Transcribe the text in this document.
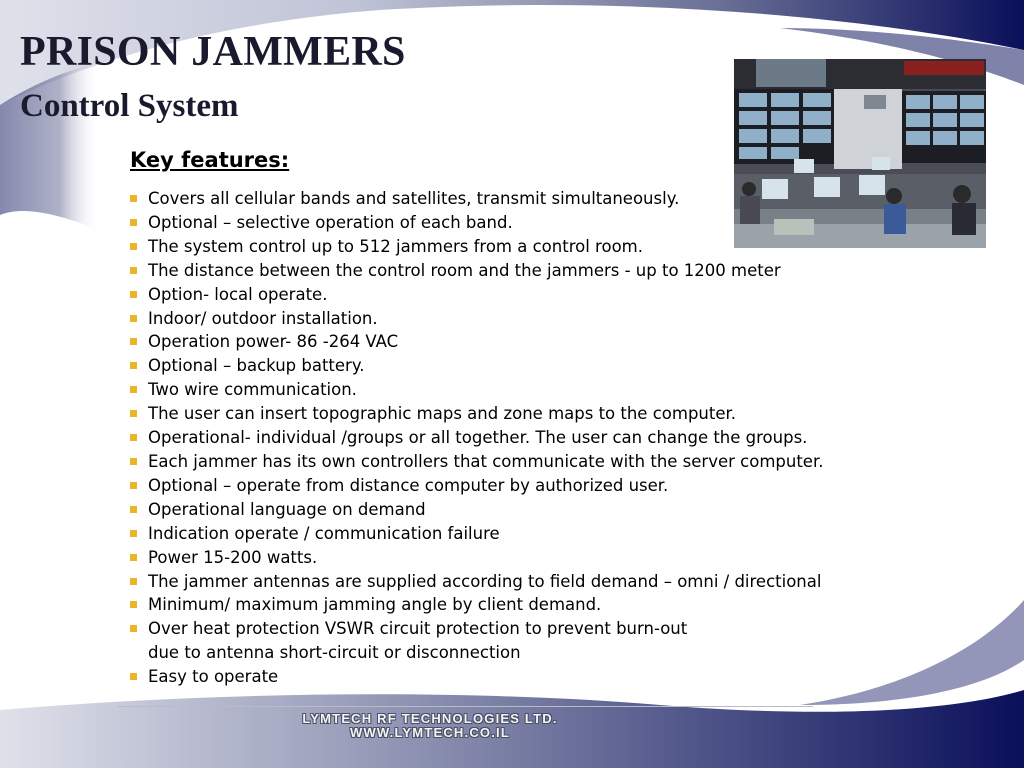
PRISON JAMMERS
Control System
Key features:
Covers all cellular bands and satellites, transmit simultaneously.
Optional – selective operation of each band.
The system control up to 512 jammers from a control room.
The distance between the control room and the jammers - up to 1200 meter
Option- local operate.
Indoor/ outdoor installation.
Operation power- 86 -264 VAC
Optional – backup battery.
Two wire communication.
The user can insert topographic maps and zone maps to the computer.
Operational- individual /groups or all together. The user can change the groups.
Each jammer has its own controllers that communicate with the server computer.
Optional – operate from distance computer by authorized user.
Operational language on demand
Indication operate / communication failure
Power 15-200 watts.
The jammer antennas are supplied according to field demand – omni / directional
Minimum/ maximum jamming angle by client demand.
Over heat protection VSWR circuit protection to prevent burn-out
due to antenna short-circuit or disconnection
Easy to operate
LYMTECH RF TECHNOLOGIES LTD.
WWW.LYMTECH.CO.IL
